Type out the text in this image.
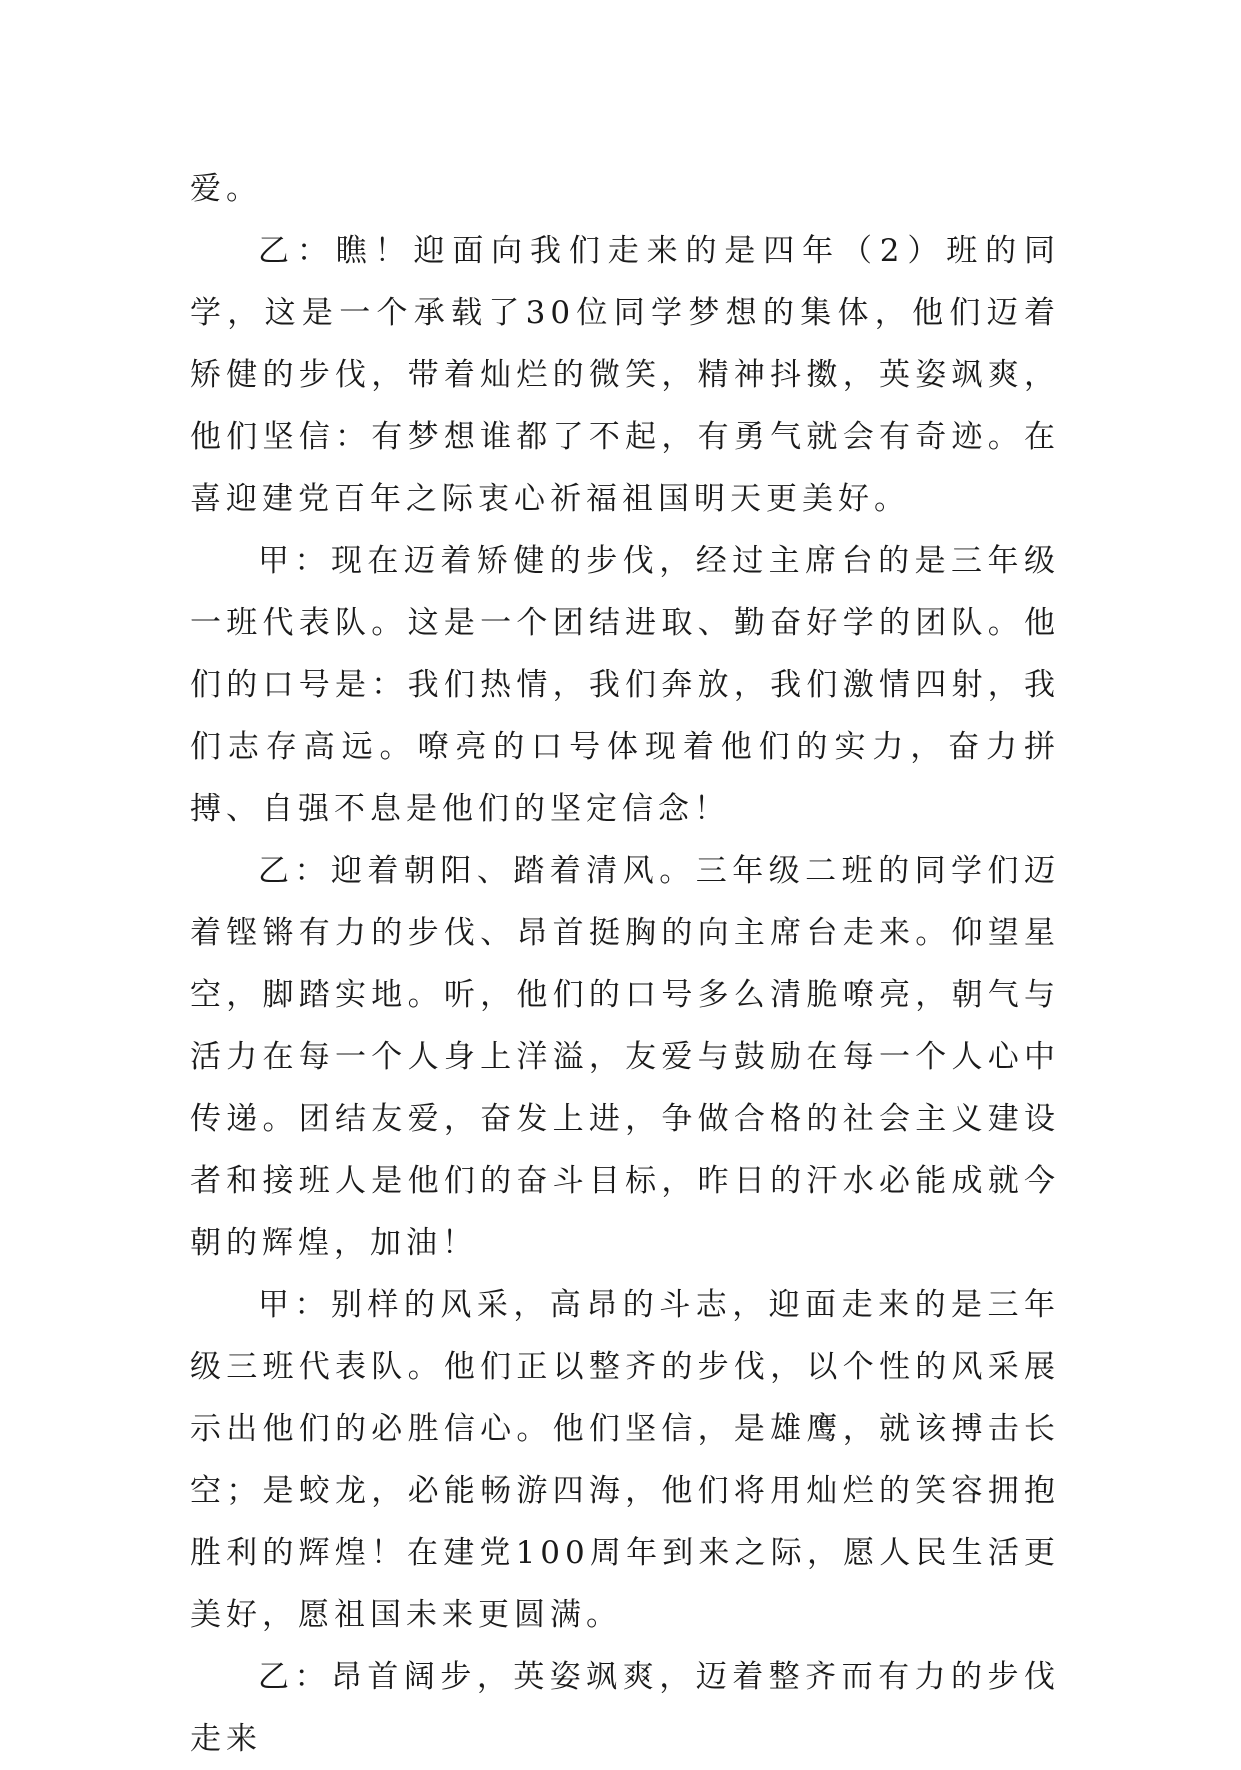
爱。

乙：瞧！迎面向我们走来的是四年（2）班的同学，这是一个承载了30位同学梦想的集体，他们迈着矫健的步伐，带着灿烂的微笑，精神抖擞，英姿飒爽，他们坚信：有梦想谁都了不起，有勇气就会有奇迹。在喜迎建党百年之际衷心祈福祖国明天更美好。

甲：现在迈着矫健的步伐，经过主席台的是三年级一班代表队。这是一个团结进取、勤奋好学的团队。他们的口号是：我们热情，我们奔放，我们激情四射，我们志存高远。嘹亮的口号体现着他们的实力，奋力拼搏、自强不息是他们的坚定信念！

乙：迎着朝阳、踏着清风。三年级二班的同学们迈着铿锵有力的步伐、昂首挺胸的向主席台走来。仰望星空，脚踏实地。听，他们的口号多么清脆嘹亮，朝气与活力在每一个人身上洋溢，友爱与鼓励在每一个人心中传递。团结友爱，奋发上进，争做合格的社会主义建设者和接班人是他们的奋斗目标，昨日的汗水必能成就今朝的辉煌，加油！

甲：别样的风采，高昂的斗志，迎面走来的是三年级三班代表队。他们正以整齐的步伐，以个性的风采展示出他们的必胜信心。他们坚信，是雄鹰，就该搏击长空；是蛟龙，必能畅游四海，他们将用灿烂的笑容拥抱胜利的辉煌！在建党100周年到来之际，愿人民生活更美好，愿祖国未来更圆满。

乙：昂首阔步，英姿飒爽，迈着整齐而有力的步伐走来
